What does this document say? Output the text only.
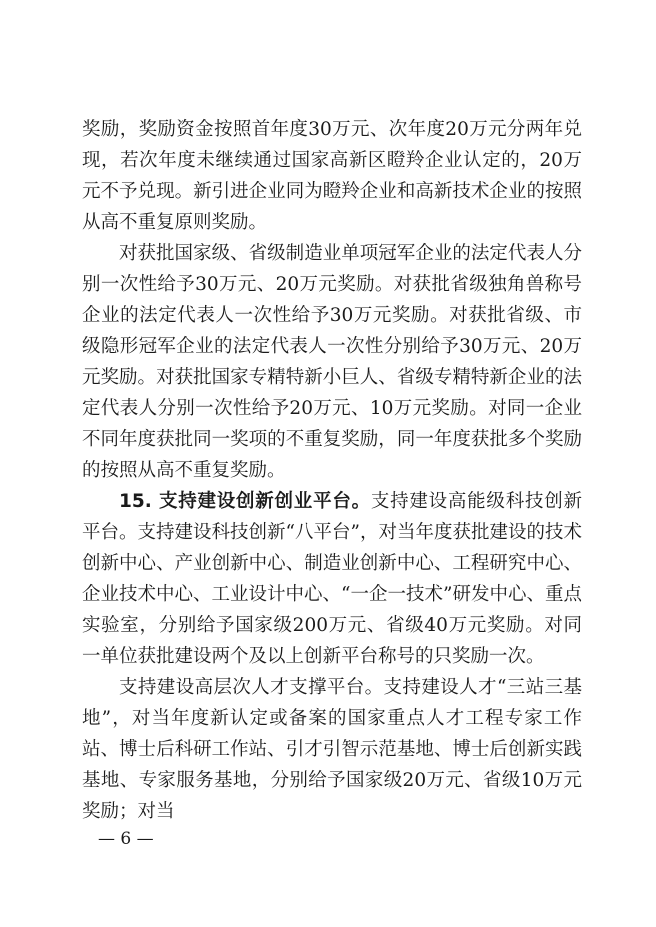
奖励，奖励资金按照首年度30万元、次年度20万元分两年兑现，若次年度未继续通过国家高新区瞪羚企业认定的，20万元不予兑现。新引进企业同为瞪羚企业和高新技术企业的按照从高不重复原则奖励。

对获批国家级、省级制造业单项冠军企业的法定代表人分别一次性给予30万元、20万元奖励。对获批省级独角兽称号企业的法定代表人一次性给予30万元奖励。对获批省级、市级隐形冠军企业的法定代表人一次性分别给予30万元、20万元奖励。对获批国家专精特新小巨人、省级专精特新企业的法定代表人分别一次性给予20万元、10万元奖励。对同一企业不同年度获批同一奖项的不重复奖励，同一年度获批多个奖励的按照从高不重复奖励。

15. 支持建设创新创业平台。支持建设高能级科技创新平台。支持建设科技创新“八平台”，对当年度获批建设的技术创新中心、产业创新中心、制造业创新中心、工程研究中心、企业技术中心、工业设计中心、“一企一技术”研发中心、重点实验室，分别给予国家级200万元、省级40万元奖励。对同一单位获批建设两个及以上创新平台称号的只奖励一次。

支持建设高层次人才支撑平台。支持建设人才“三站三基地”，对当年度新认定或备案的国家重点人才工程专家工作站、博士后科研工作站、引才引智示范基地、博士后创新实践基地、专家服务基地，分别给予国家级20万元、省级10万元奖励；对当

— 6 —
